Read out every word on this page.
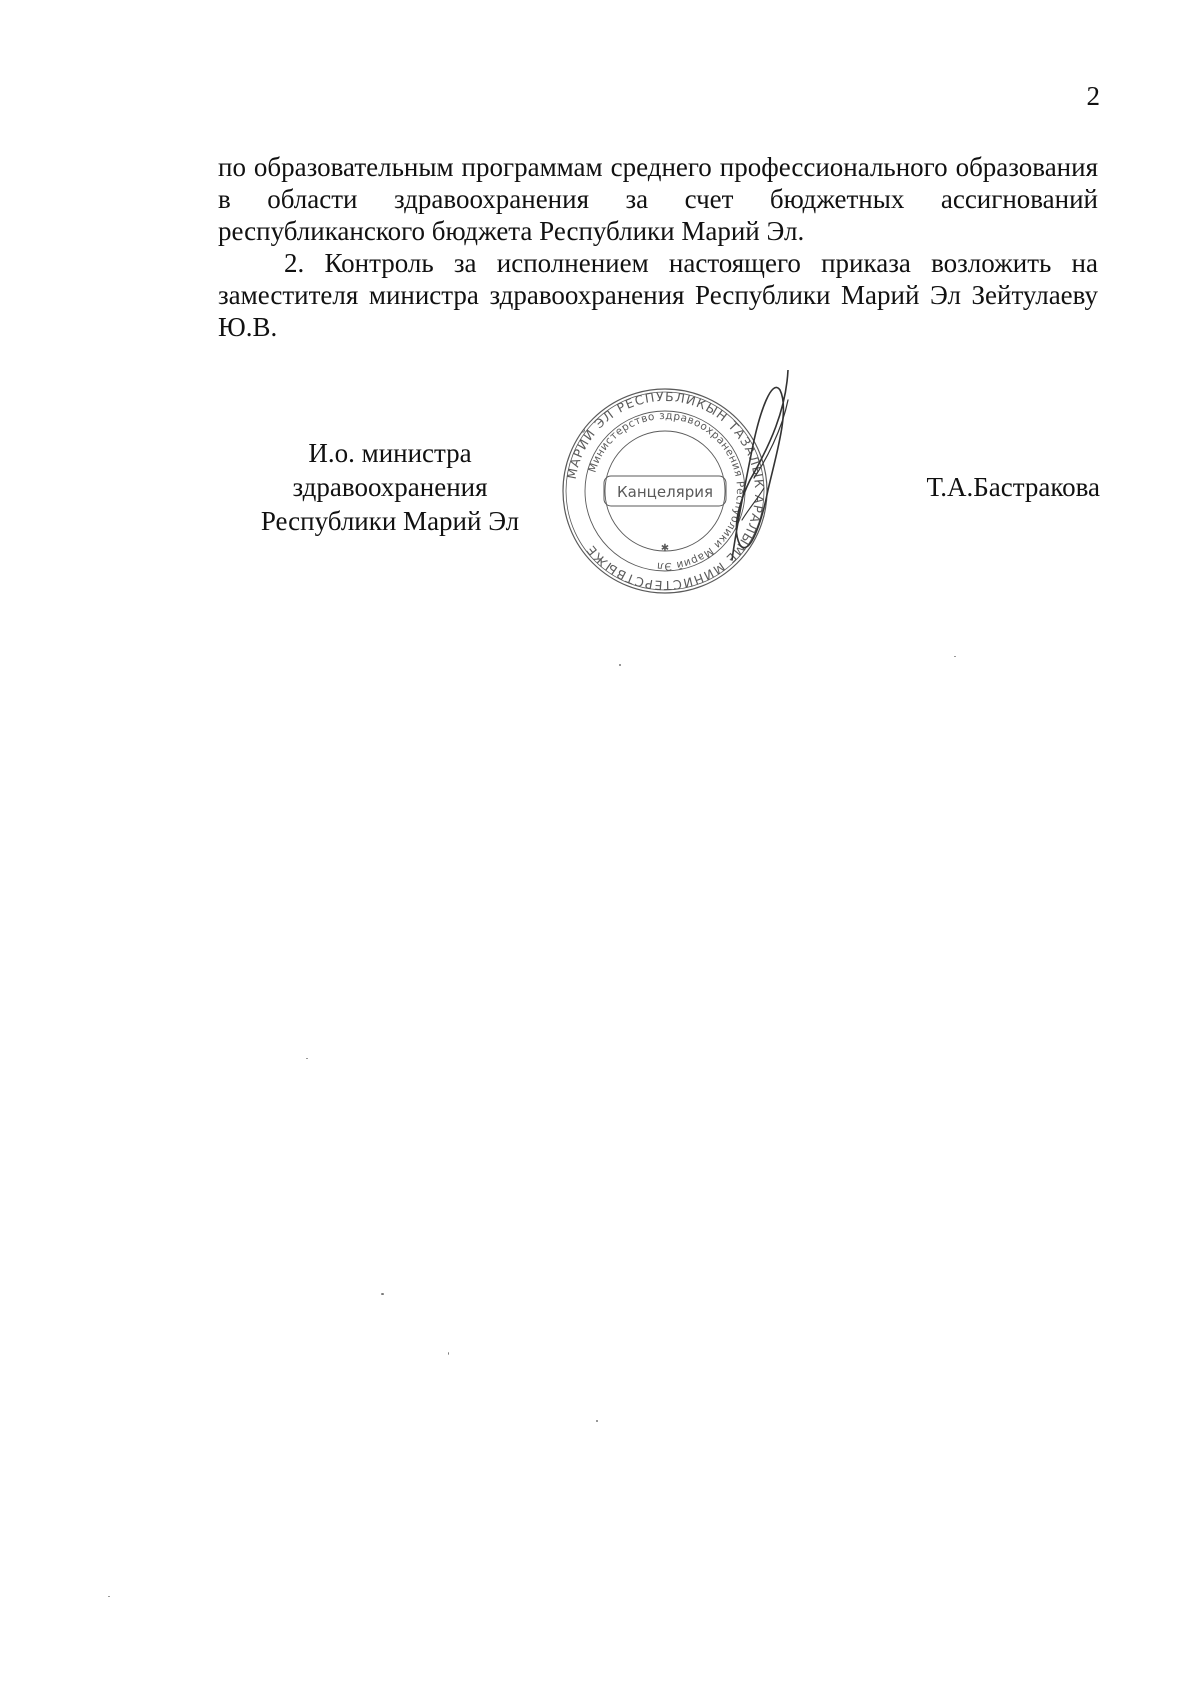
2

по образовательным программам среднего профессионального образования в области здравоохранения за счет бюджетных ассигнований республиканского бюджета Республики Марий Эл.

2. Контроль за исполнением настоящего приказа возложить на заместителя министра здравоохранения Республики Марий Эл Зейтулаеву Ю.В.

И.о. министра
здравоохранения
Республики Марий Эл
МАРИЙ ЭЛ РЕСПУБЛИКЫН ТАЗАЛЫК АРАЛЫМЕ МИНИСТЕРСТВЫЖЕ
Министерство здравоохранения Республики Марий Эл
Канцелярия
✱
Т.А.Бастракова
